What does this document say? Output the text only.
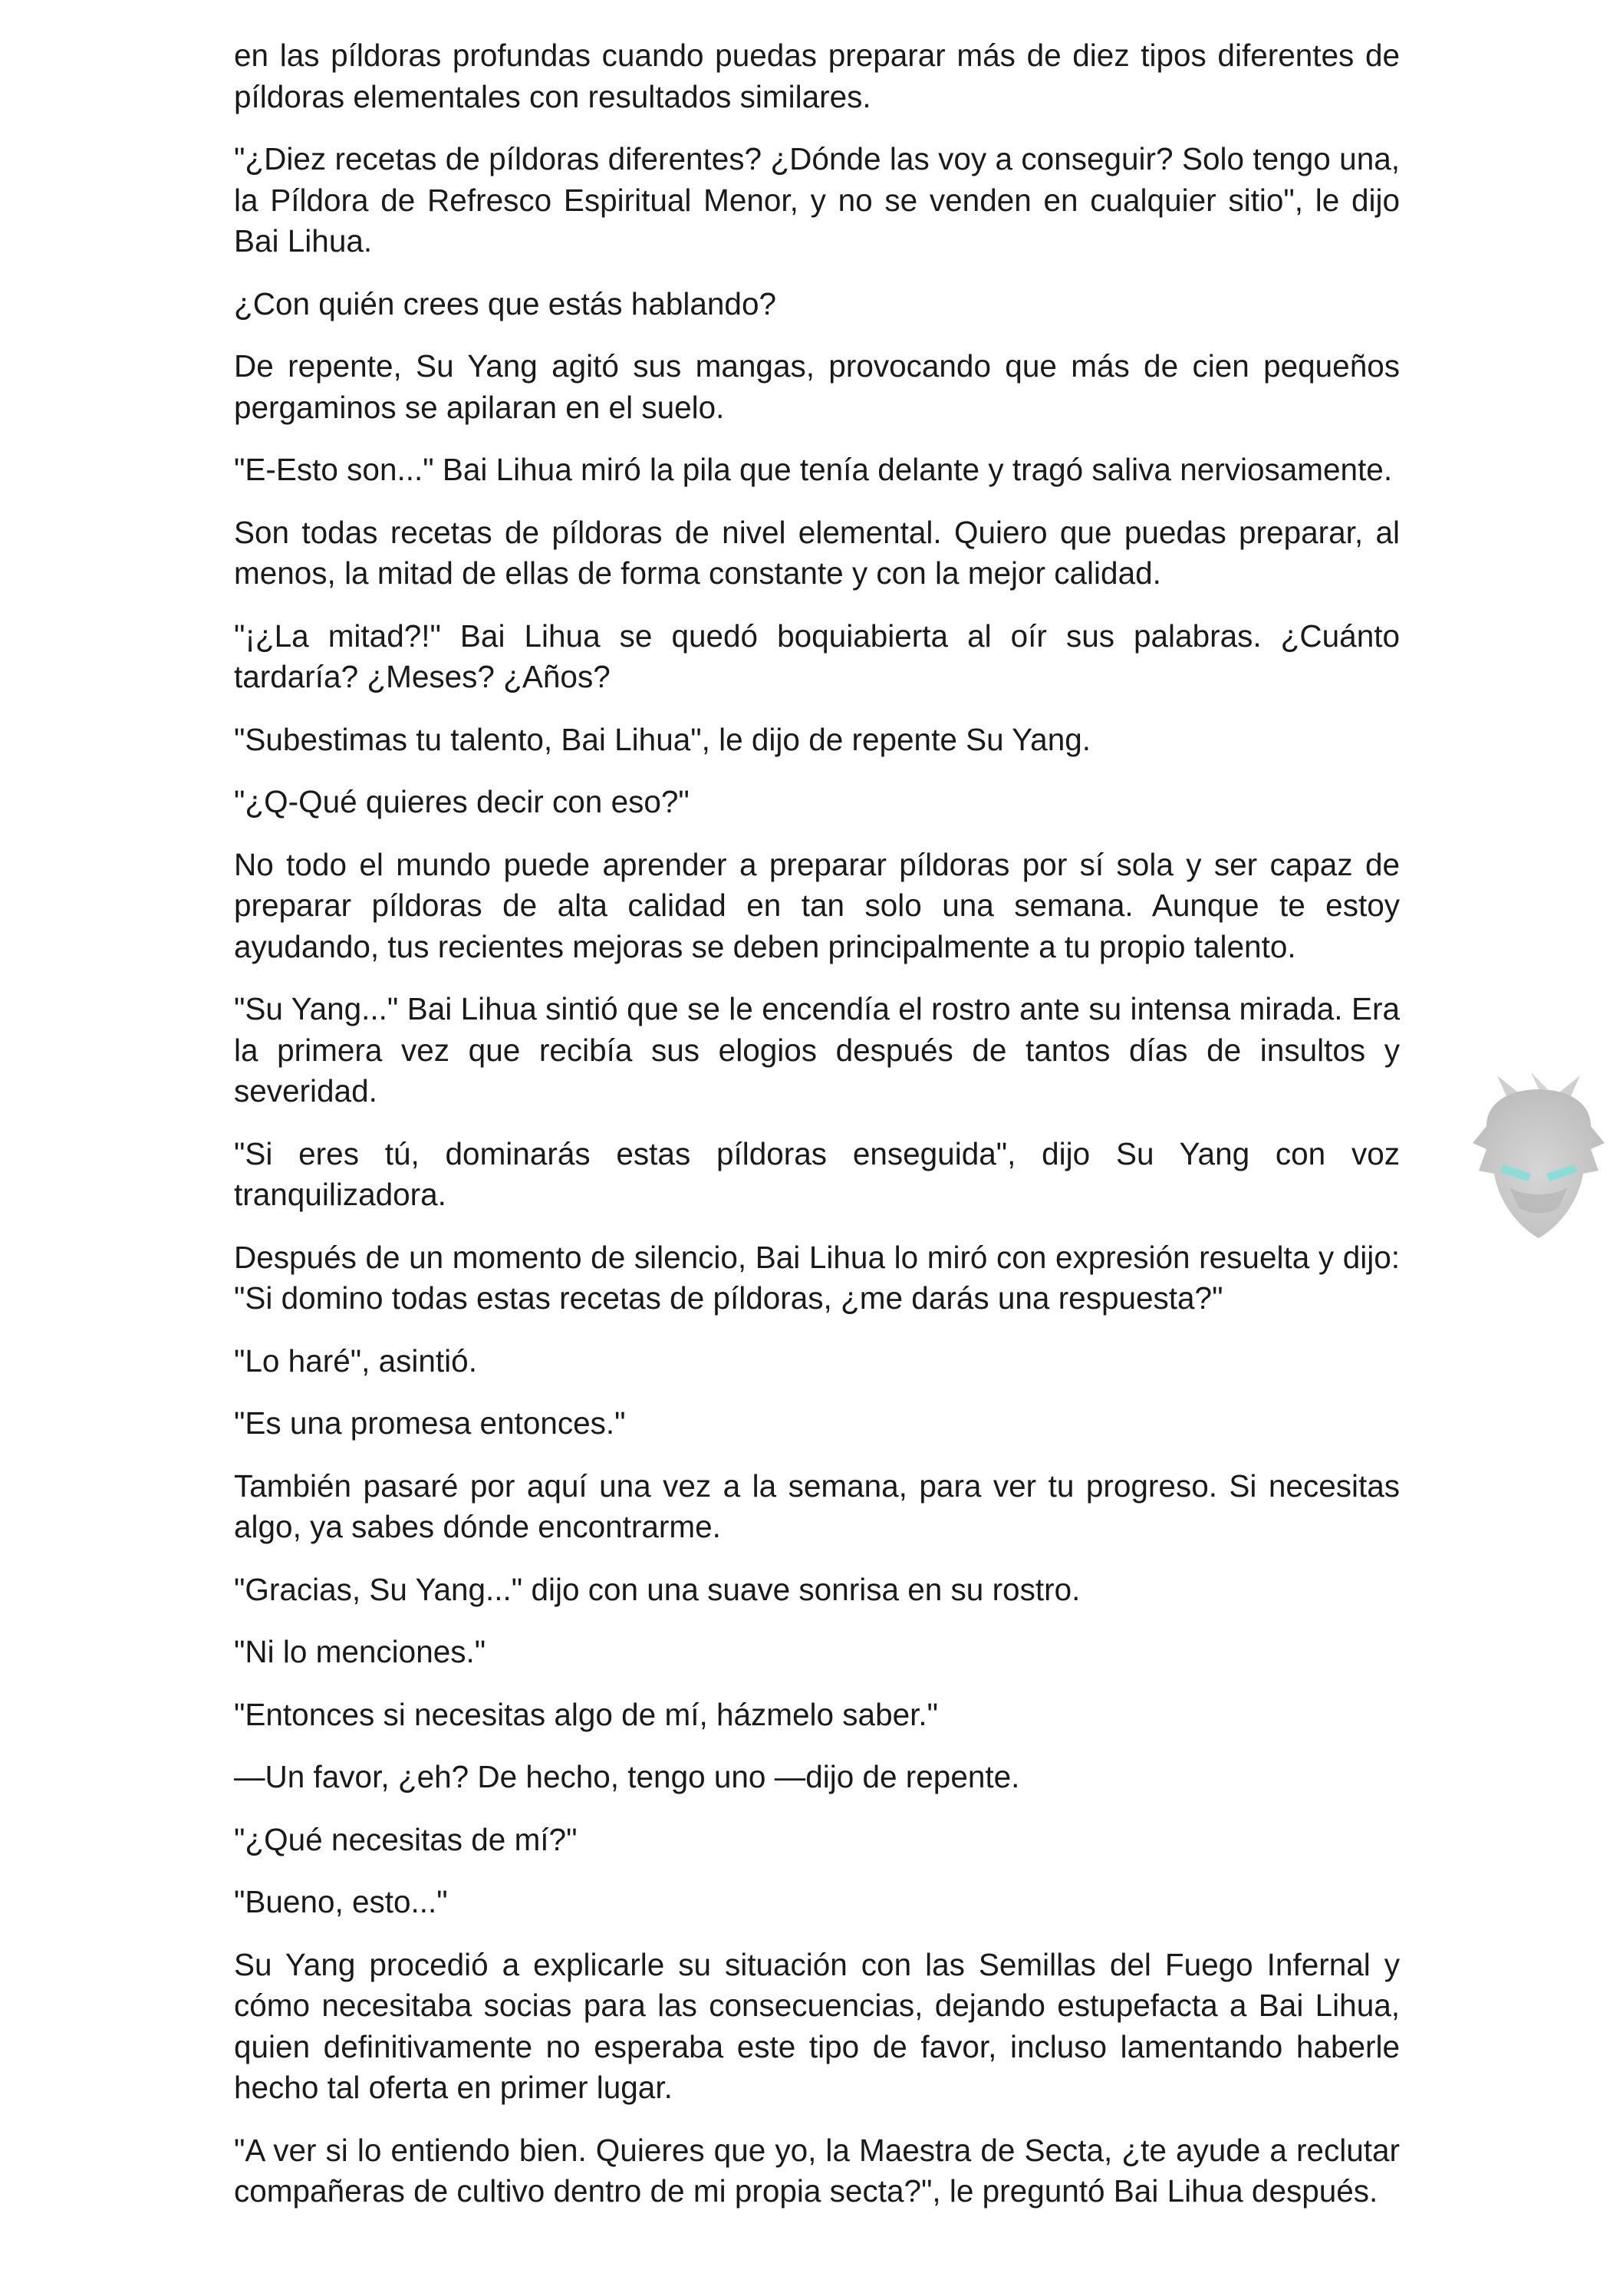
en las píldoras profundas cuando puedas preparar más de diez tipos diferentes de píldoras elementales con resultados similares.

"¿Diez recetas de píldoras diferentes? ¿Dónde las voy a conseguir? Solo tengo una, la Píldora de Refresco Espiritual Menor, y no se venden en cualquier sitio", le dijo Bai Lihua.

¿Con quién crees que estás hablando?

De repente, Su Yang agitó sus mangas, provocando que más de cien pequeños pergaminos se apilaran en el suelo.

"E-Esto son..." Bai Lihua miró la pila que tenía delante y tragó saliva nerviosamente.

Son todas recetas de píldoras de nivel elemental. Quiero que puedas preparar, al menos, la mitad de ellas de forma constante y con la mejor calidad.

"¡¿La mitad?!" Bai Lihua se quedó boquiabierta al oír sus palabras. ¿Cuánto tardaría? ¿Meses? ¿Años?

"Subestimas tu talento, Bai Lihua", le dijo de repente Su Yang.

"¿Q-Qué quieres decir con eso?"

No todo el mundo puede aprender a preparar píldoras por sí sola y ser capaz de preparar píldoras de alta calidad en tan solo una semana. Aunque te estoy ayudando, tus recientes mejoras se deben principalmente a tu propio talento.

"Su Yang..." Bai Lihua sintió que se le encendía el rostro ante su intensa mirada. Era la primera vez que recibía sus elogios después de tantos días de insultos y severidad.

"Si eres tú, dominarás estas píldoras enseguida", dijo Su Yang con voz tranquilizadora.

Después de un momento de silencio, Bai Lihua lo miró con expresión resuelta y dijo: "Si domino todas estas recetas de píldoras, ¿me darás una respuesta?"

"Lo haré", asintió.

"Es una promesa entonces."

También pasaré por aquí una vez a la semana, para ver tu progreso. Si necesitas algo, ya sabes dónde encontrarme.

"Gracias, Su Yang..." dijo con una suave sonrisa en su rostro.

"Ni lo menciones."

"Entonces si necesitas algo de mí, házmelo saber."

—Un favor, ¿eh? De hecho, tengo uno —dijo de repente.

"¿Qué necesitas de mí?"

"Bueno, esto..."

Su Yang procedió a explicarle su situación con las Semillas del Fuego Infernal y cómo necesitaba socias para las consecuencias, dejando estupefacta a Bai Lihua, quien definitivamente no esperaba este tipo de favor, incluso lamentando haberle hecho tal oferta en primer lugar.

"A ver si lo entiendo bien. Quieres que yo, la Maestra de Secta, ¿te ayude a reclutar compañeras de cultivo dentro de mi propia secta?", le preguntó Bai Lihua después.
